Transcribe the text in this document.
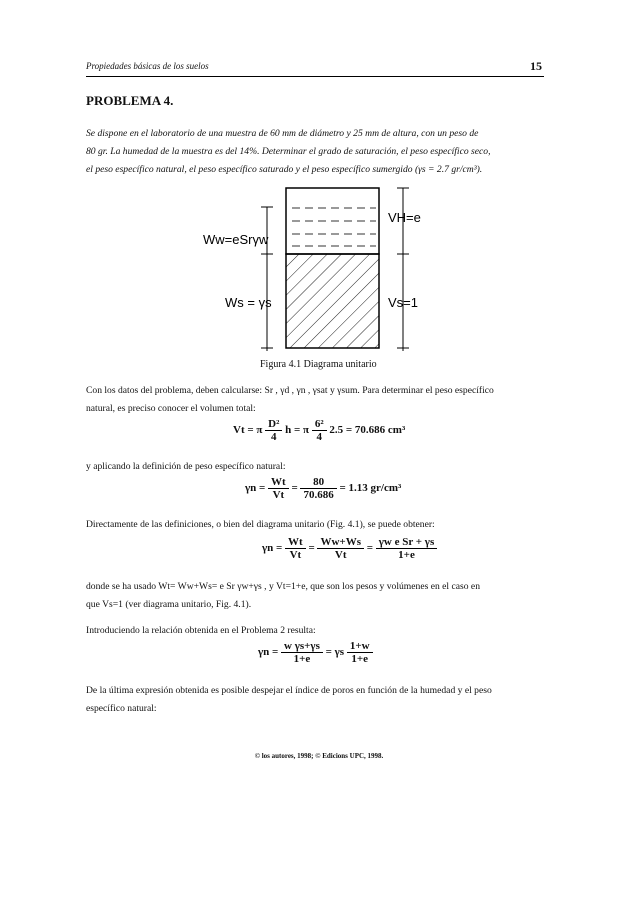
Propiedades básicas de los suelos	15
PROBLEMA 4.
Se dispone en el laboratorio de una muestra de 60 mm de diámetro y 25 mm de altura, con un peso de
80 gr. La humedad de la muestra es del 14%. Determinar el grado de saturación, el peso específico seco,
el peso específico natural, el peso específico saturado y el peso específico sumergido (γs = 2.7 gr/cm³).
Ww=eSrγw
VH=e
Ws = γs	Vs=1
Figura 4.1 Diagrama unitario
Con los datos del problema, deben calcularse: Sr , γd , γn , γsat y γsum. Para determinar el peso específico
natural, es preciso conocer el volumen total:
Vt = π $\frac{\text{D²}}{4}$ h = π $\frac{\text{6²}}{4} 2.5 = 70.686$ cm³
y aplicando la definición de peso específico natural:
$\gamma n = \frac{Wt}{Vt} = \frac{80}{70.686} = 1.13$ gr/cm³
Directamente de las definiciones, o bien del diagrama unitario (Fig. 4.1), se puede obtener:
$\gamma n = \frac{Wt}{Vt} = \frac{Ww+Ws}{Vt} = \frac{\text{γw e Sr + γs}}{1+e}$
donde se ha usado Wt= Ww+Ws= e Sr γw+γs , y Vt=1+e, que son los pesos y volúmenes en el caso en
que Vs=1 (ver diagrama unitario, Fig. 4.1).
Introduciendo la relación obtenida en el Problema 2 resulta:
$\gamma n = \frac{\text{w γs+γs}}{1+e} = \gamma s \frac{1+w}{1+e}$
De la última expresión obtenida es posible despejar el índice de poros en función de la humedad y el peso
específico natural:
© los autores, 1998; © Edicions UPC, 1998.
